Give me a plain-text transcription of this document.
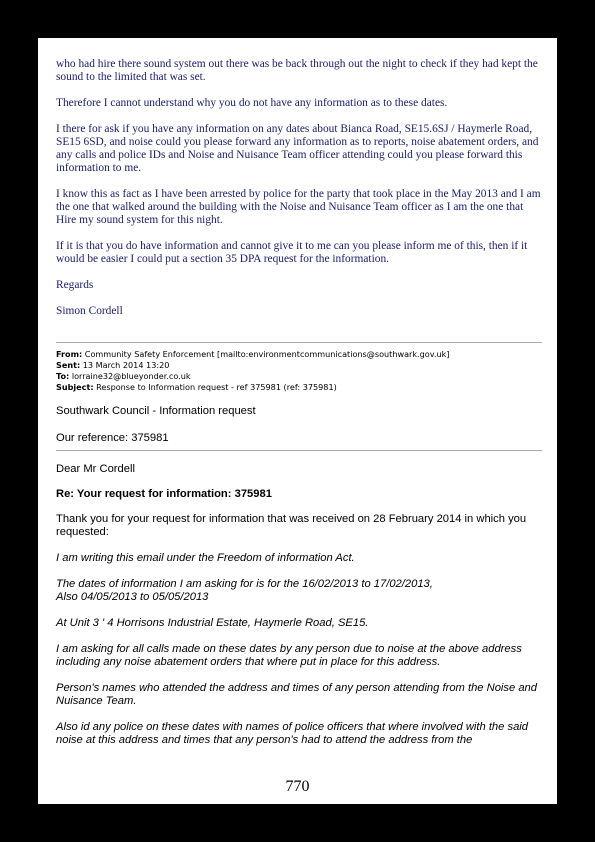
who had hire there sound system out there was be back through out the night to check if they had kept the sound to the limited that was set.

Therefore I cannot understand why you do not have any information as to these dates.

I there for ask if you have any information on any dates about Bianca Road, SE15.6SJ / Haymerle Road, SE15 6SD, and noise could you please forward any information as to reports, noise abatement orders, and any calls and police IDs and Noise and Nuisance Team officer attending could you please forward this information to me.

I know this as fact as I have been arrested by police for the party that took place in the May 2013 and I am the one that walked around the building with the Noise and Nuisance Team officer as I am the one that Hire my sound system for this night.

If it is that you do have information and cannot give it to me can you please inform me of this, then if it would be easier I could put a section 35 DPA request for the information.

Regards

Simon Cordell

From: Community Safety Enforcement [mailto:environmentcommunications@southwark.gov.uk]
Sent: 13 March 2014 13:20
To: lorraine32@blueyonder.co.uk
Subject: Response to Information request - ref 375981 (ref: 375981)

Southwark Council - Information request

Our reference: 375981

Dear Mr Cordell

Re: Your request for information: 375981

Thank you for your request for information that was received on 28 February 2014 in which you requested:

I am writing this email under the Freedom of information Act.

The dates of information I am asking for is for the 16/02/2013 to 17/02/2013,

Also 04/05/2013 to 05/05/2013

At Unit 3 ' 4 Horrisons Industrial Estate, Haymerle Road, SE15.

I am asking for all calls made on these dates by any person due to noise at the above address including any noise abatement orders that where put in place for this address.

Person's names who attended the address and times of any person attending from the Noise and Nuisance Team.

Also id any police on these dates with names of police officers that where involved with the said noise at this address and times that any person's had to attend the address from the

770
